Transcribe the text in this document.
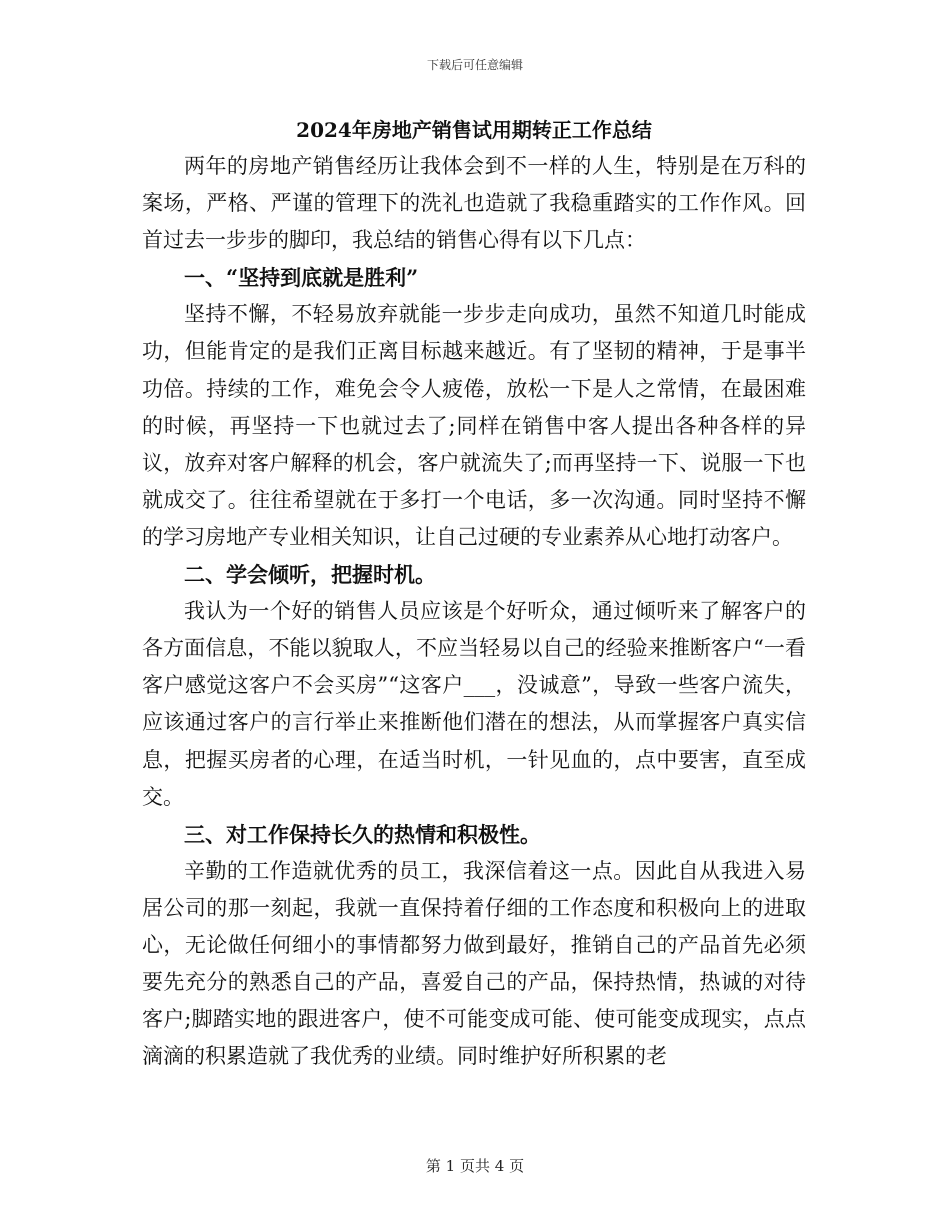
下载后可任意编辑
2024年房地产销售试用期转正工作总结

两年的房地产销售经历让我体会到不一样的人生，特别是在万科的案场，严格、严谨的管理下的洗礼也造就了我稳重踏实的工作作风。回首过去一步步的脚印，我总结的销售心得有以下几点：

一、“坚持到底就是胜利”

坚持不懈，不轻易放弃就能一步步走向成功，虽然不知道几时能成功，但能肯定的是我们正离目标越来越近。有了坚韧的精神，于是事半功倍。持续的工作，难免会令人疲倦，放松一下是人之常情，在最困难的时候，再坚持一下也就过去了;同样在销售中客人提出各种各样的异议，放弃对客户解释的机会，客户就流失了;而再坚持一下、说服一下也就成交了。往往希望就在于多打一个电话，多一次沟通。同时坚持不懈的学习房地产专业相关知识，让自己过硬的专业素养从心地打动客户。

二、学会倾听，把握时机。

我认为一个好的销售人员应该是个好听众，通过倾听来了解客户的各方面信息，不能以貌取人，不应当轻易以自己的经验来推断客户“一看客户感觉这客户不会买房”“这客户___，没诚意”，导致一些客户流失，应该通过客户的言行举止来推断他们潜在的想法，从而掌握客户真实信息，把握买房者的心理，在适当时机，一针见血的，点中要害，直至成交。

三、对工作保持长久的热情和积极性。

辛勤的工作造就优秀的员工，我深信着这一点。因此自从我进入易居公司的那一刻起，我就一直保持着仔细的工作态度和积极向上的进取心，无论做任何细小的事情都努力做到最好，推销自己的产品首先必须要先充分的熟悉自己的产品，喜爱自己的产品，保持热情，热诚的对待客户;脚踏实地的跟进客户，使不可能变成可能、使可能变成现实，点点滴滴的积累造就了我优秀的业绩。同时维护好所积累的老

第 1 页共 4 页
